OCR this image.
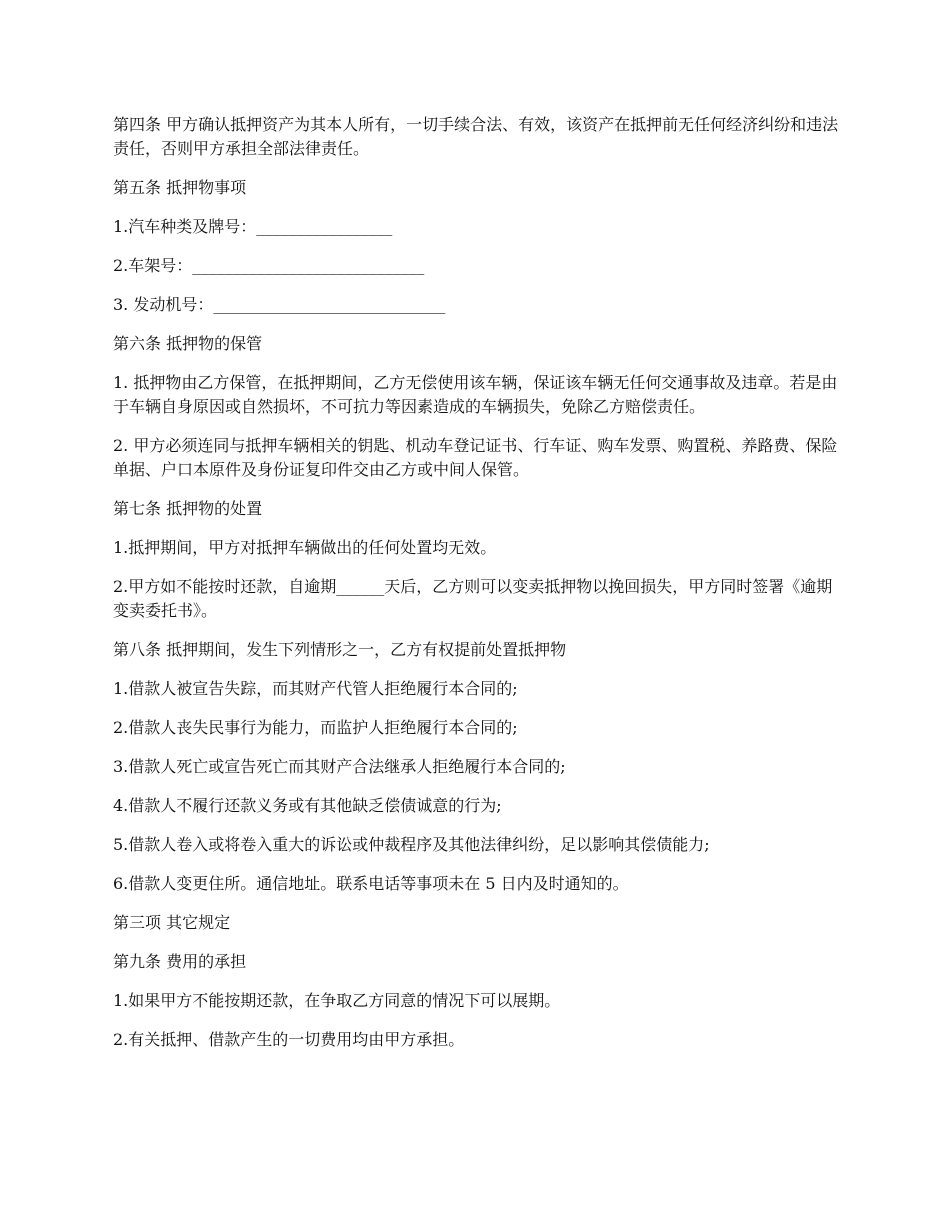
第四条 甲方确认抵押资产为其本人所有，一切手续合法、有效，该资产在抵押前无任何经济纠纷和违法责任，否则甲方承担全部法律责任。

第五条 抵押物事项

1.汽车种类及牌号：_________________

2.车架号：_____________________________

3. 发动机号：_____________________________

第六条 抵押物的保管

1. 抵押物由乙方保管，在抵押期间，乙方无偿使用该车辆，保证该车辆无任何交通事故及违章。若是由于车辆自身原因或自然损坏，不可抗力等因素造成的车辆损失，免除乙方赔偿责任。

2. 甲方必须连同与抵押车辆相关的钥匙、机动车登记证书、行车证、购车发票、购置税、养路费、保险单据、户口本原件及身份证复印件交由乙方或中间人保管。

第七条 抵押物的处置

1.抵押期间，甲方对抵押车辆做出的任何处置均无效。

2.甲方如不能按时还款，自逾期______天后，乙方则可以变卖抵押物以挽回损失，甲方同时签署《逾期变卖委托书》。

第八条 抵押期间，发生下列情形之一，乙方有权提前处置抵押物

1.借款人被宣告失踪，而其财产代管人拒绝履行本合同的;

2.借款人丧失民事行为能力，而监护人拒绝履行本合同的;

3.借款人死亡或宣告死亡而其财产合法继承人拒绝履行本合同的;

4.借款人不履行还款义务或有其他缺乏偿债诚意的行为;

5.借款人卷入或将卷入重大的诉讼或仲裁程序及其他法律纠纷，足以影响其偿债能力;

6.借款人变更住所。通信地址。联系电话等事项未在 5 日内及时通知的。

第三项 其它规定

第九条 费用的承担

1.如果甲方不能按期还款，在争取乙方同意的情况下可以展期。

2.有关抵押、借款产生的一切费用均由甲方承担。
